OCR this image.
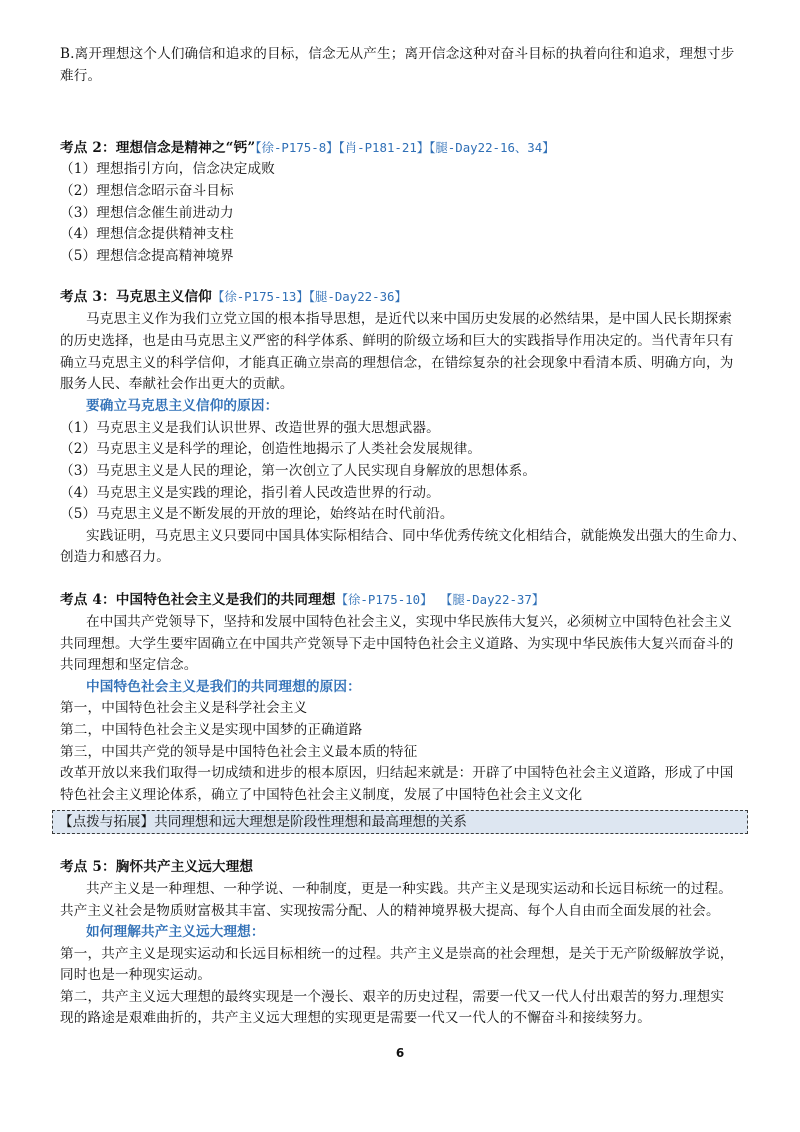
B.离开理想这个人们确信和追求的目标，信念无从产生；离开信念这种对奋斗目标的执着向往和追求，理想寸步
难行。
考点 2：理想信念是精神之“钙”【徐-P175-8】【肖-P181-21】【腿-Day22-16、34】
（1）理想指引方向，信念决定成败
（2）理想信念昭示奋斗目标
（3）理想信念催生前进动力
（4）理想信念提供精神支柱
（5）理想信念提高精神境界
考点 3：马克思主义信仰【徐-P175-13】【腿-Day22-36】
马克思主义作为我们立党立国的根本指导思想，是近代以来中国历史发展的必然结果，是中国人民长期探索
的历史选择，也是由马克思主义严密的科学体系、鲜明的阶级立场和巨大的实践指导作用决定的。当代青年只有
确立马克思主义的科学信仰，才能真正确立崇高的理想信念，在错综复杂的社会现象中看清本质、明确方向，为
服务人民、奉献社会作出更大的贡献。
要确立马克思主义信仰的原因：
（1）马克思主义是我们认识世界、改造世界的强大思想武器。
（2）马克思主义是科学的理论，创造性地揭示了人类社会发展规律。
（3）马克思主义是人民的理论，第一次创立了人民实现自身解放的思想体系。
（4）马克思主义是实践的理论，指引着人民改造世界的行动。
（5）马克思主义是不断发展的开放的理论，始终站在时代前沿。
实践证明，马克思主义只要同中国具体实际相结合、同中华优秀传统文化相结合，就能焕发出强大的生命力、
创造力和感召力。
考点 4：中国特色社会主义是我们的共同理想【徐-P175-10】 【腿-Day22-37】
在中国共产党领导下，坚持和发展中国特色社会主义，实现中华民族伟大复兴，必须树立中国特色社会主义
共同理想。大学生要牢固确立在中国共产党领导下走中国特色社会主义道路、为实现中华民族伟大复兴而奋斗的
共同理想和坚定信念。
中国特色社会主义是我们的共同理想的原因：
第一，中国特色社会主义是科学社会主义
第二，中国特色社会主义是实现中国梦的正确道路
第三，中国共产党的领导是中国特色社会主义最本质的特征
改革开放以来我们取得一切成绩和进步的根本原因，归结起来就是：开辟了中国特色社会主义道路，形成了中国
特色社会主义理论体系，确立了中国特色社会主义制度，发展了中国特色社会主义文化
【点拨与拓展】共同理想和远大理想是阶段性理想和最高理想的关系
考点 5：胸怀共产主义远大理想
共产主义是一种理想、一种学说、一种制度，更是一种实践。共产主义是现实运动和长远目标统一的过程。
共产主义社会是物质财富极其丰富、实现按需分配、人的精神境界极大提高、每个人自由而全面发展的社会。
如何理解共产主义远大理想：
第一，共产主义是现实运动和长远目标相统一的过程。共产主义是崇高的社会理想，是关于无产阶级解放学说，
同时也是一种现实运动。
第二，共产主义远大理想的最终实现是一个漫长、艰辛的历史过程，需要一代又一代人付出艰苦的努力.理想实
现的路途是艰难曲折的，共产主义远大理想的实现更是需要一代又一代人的不懈奋斗和接续努力。
6
